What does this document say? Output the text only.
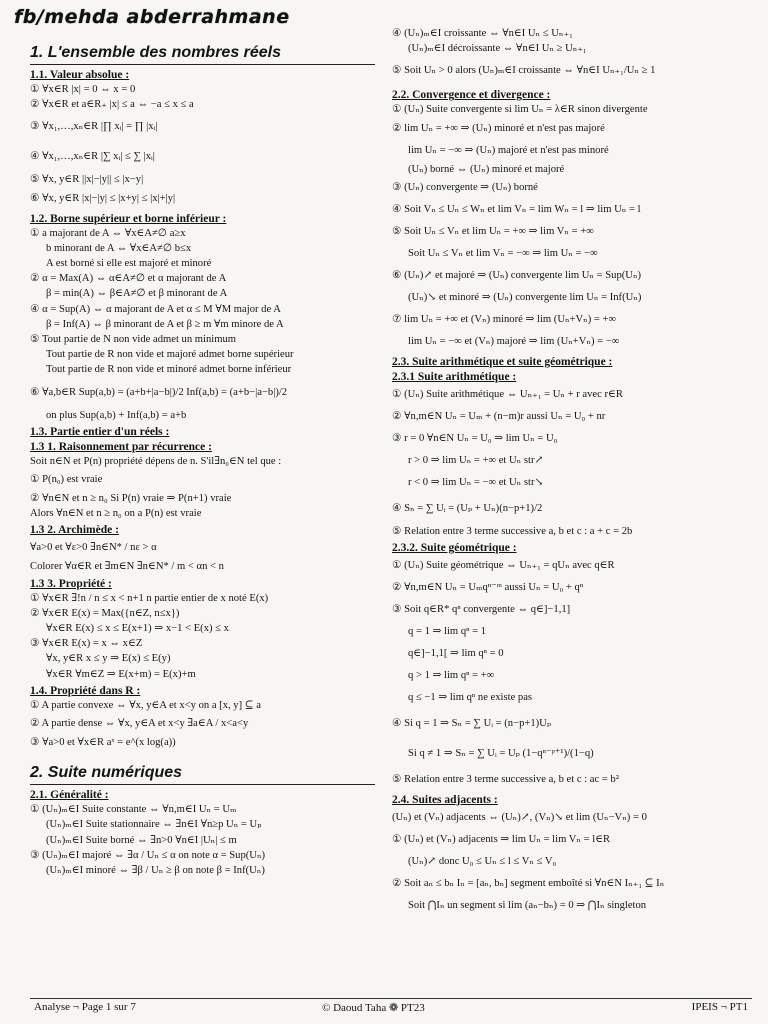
fb/mehda abderrahmane
1. L'ensemble des nombres réels
1.1. Valeur absolue :
① ∀x∈R |x| = 0 ⇔ x = 0
② ∀x∈R et a∈R₊ |x| ≤ a ⇔ −a ≤ x ≤ a
③ ∀x₁,…,xₙ∈R |∏ xᵢ| = ∏ |xᵢ|
④ ∀x₁,…,xₙ∈R |∑ xᵢ| ≤ ∑ |xᵢ|
⑤ ∀x, y∈R ||x|−|y|| ≤ |x−y|
⑥ ∀x, y∈R |x|−|y| ≤ |x+y| ≤ |x|+|y|
1.2. Borne supérieur et borne inférieur :
① a majorant de A ⇔ ∀x∈A≠∅ a≥x
b minorant de A ⇔ ∀x∈A≠∅ b≤x
A est borné si elle est majoré et minoré
② α = Max(A) ⇔ α∈A≠∅ et α majorant de A
β = min(A) ⇔ β∈A≠∅ et β minorant de A
④ α = Sup(A) ⇔ α majorant de A et α ≤ M ∀M major de A
β = Inf(A) ⇔ β minorant de A et β ≥ m ∀m minore de A
⑤ Tout partie de N non vide admet un minimum
Tout partie de R non vide et majoré admet borne supérieur
Tout partie de R non vide et minoré admet borne inférieur
⑥ ∀a,b∈R Sup(a,b) = (a+b+|a−b|)/2 Inf(a,b) = (a+b−|a−b|)/2
on plus Sup(a,b) + Inf(a,b) = a+b
1.3. Partie entier d'un réels :
1.3 1. Raisonnement par récurrence :
Soit n∈N et P(n) propriété dépens de n. S'il∃n₀∈N tel que :
① P(n₀) est vraie
② ∀n∈N et n ≥ n₀ Si P(n) vraie ⇒ P(n+1) vraie
Alors ∀n∈N et n ≥ n₀ on a P(n) est vraie
1.3 2. Archimède :
∀a>0 et ∀ε>0 ∃n∈N* / nε > α
Colorer ∀α∈R et ∃m∈N ∃n∈N* / m < αn < n
1.3 3. Propriété :
① ∀x∈R ∃!n / n ≤ x < n+1 n partie entier de x noté E(x)
② ∀x∈R E(x) = Max({n∈Z, n≤x})
∀x∈R E(x) ≤ x ≤ E(x+1) ⇒ x−1 < E(x) ≤ x
③ ∀x∈R E(x) = x ⇔ x∈Z
∀x, y∈R x ≤ y ⇒ E(x) ≤ E(y)
∀x∈R ∀m∈Z ⇒ E(x+m) = E(x)+m
1.4. Propriété dans R :
① A partie convexe ⇔ ∀x, y∈A et x<y on a [x, y] ⊆ a
② A partie dense ⇔ ∀x, y∈A et x<y ∃a∈A / x<a<y
③ ∀a>0 et ∀x∈R aˣ = e^(x log(a))
2. Suite numériques
2.1. Généralité :
① (Uₙ)ₘ∈I Suite constante ⇔ ∀n,m∈I Uₙ = Uₘ
(Uₙ)ₘ∈I Suite stationnaire ⇔ ∃n∈I ∀n≥p Uₙ = Uₚ
(Uₙ)ₘ∈I Suite borné ⇔ ∃n>0 ∀n∈I |Uₙ| ≤ m
③ (Uₙ)ₘ∈I majoré ⇔ ∃α / Uₙ ≤ α on note α = Sup(Uₙ)
(Uₙ)ₘ∈I minoré ⇔ ∃β / Uₙ ≥ β on note β = Inf(Uₙ)
④ (Uₙ)ₘ∈I croissante ⇔ ∀n∈I Uₙ ≤ Uₙ₊₁
(Uₙ)ₘ∈I décroissante ⇔ ∀n∈I Uₙ ≥ Uₙ₊₁
⑤ Soit Uₙ > 0 alors (Uₙ)ₘ∈I croissante ⇔ ∀n∈I Uₙ₊₁/Uₙ ≥ 1
2.2. Convergence et divergence :
① (Uₙ) Suite convergente si lim Uₙ = λ∈R sinon divergente
② lim Uₙ = +∞ ⇒ (Uₙ) minoré et n'est pas majoré
lim Uₙ = −∞ ⇒ (Uₙ) majoré et n'est pas minoré
(Uₙ) borné ⇔ (Uₙ) minoré et majoré
③ (Uₙ) convergente ⇒ (Uₙ) borné
④ Soit Vₙ ≤ Uₙ ≤ Wₙ et lim Vₙ = lim Wₙ = l ⇒ lim Uₙ = l
⑤ Soit Uₙ ≤ Vₙ et lim Uₙ = +∞ ⇒ lim Vₙ = +∞
Soit Uₙ ≤ Vₙ et lim Vₙ = −∞ ⇒ lim Uₙ = −∞
⑥ (Uₙ)↗ et majoré ⇒ (Uₙ) convergente lim Uₙ = Sup(Uₙ)
(Uₙ)↘ et minoré ⇒ (Uₙ) convergente lim Uₙ = Inf(Uₙ)
⑦ lim Uₙ = +∞ et (Vₙ) minoré ⇒ lim (Uₙ+Vₙ) = +∞
lim Uₙ = −∞ et (Vₙ) majoré ⇒ lim (Uₙ+Vₙ) = −∞
2.3. Suite arithmétique et suite géométrique :
2.3.1 Suite arithmétique :
① (Uₙ) Suite arithmétique ⇔ Uₙ₊₁ = Uₙ + r avec r∈R
② ∀n,m∈N Uₙ = Uₘ + (n−m)r aussi Uₙ = U₀ + nr
③ r = 0 ∀n∈N Uₙ = U₀ ⇒ lim Uₙ = U₀
r > 0 ⇒ lim Uₙ = +∞ et Uₙ str↗
r < 0 ⇒ lim Uₙ = −∞ et Uₙ str↘
④ Sₙ = ∑ Uᵢ = (Uₚ + Uₙ)(n−p+1)/2
⑤ Relation entre 3 terme successive a, b et c : a + c = 2b
2.3.2. Suite géométrique :
① (Uₙ) Suite géométrique ⇔ Uₙ₊₁ = qUₙ avec q∈R
② ∀n,m∈N Uₙ = Uₘqⁿ⁻ᵐ aussi Uₙ = U₀ + qⁿ
③ Soit q∈R* qⁿ convergente ⇔ q∈]−1,1]
q = 1 ⇒ lim qⁿ = 1
q∈]−1,1[ ⇒ lim qⁿ = 0
q > 1 ⇒ lim qⁿ = +∞
q ≤ −1 ⇒ lim qⁿ ne existe pas
④ Si q = 1 ⇒ Sₙ = ∑ Uᵢ = (n−p+1)Uₚ
Si q ≠ 1 ⇒ Sₙ = ∑ Uᵢ = Uₚ (1−qⁿ⁻ᵖ⁺¹)/(1−q)
⑤ Relation entre 3 terme successive a, b et c : ac = b²
2.4. Suites adjacents :
(Uₙ) et (Vₙ) adjacents ⇔ (Uₙ)↗, (Vₙ)↘ et lim (Uₙ−Vₙ) = 0
① (Uₙ) et (Vₙ) adjacents ⇒ lim Uₙ = lim Vₙ = l∈R
(Uₙ)↗ donc U₀ ≤ Uₙ ≤ l ≤ Vₙ ≤ V₀
② Soit aₙ ≤ bₙ Iₙ = [aₙ, bₙ] segment emboîté si ∀n∈N Iₙ₊₁ ⊆ Iₙ
Soit ⋂Iₙ un segment si lim (aₙ−bₙ) = 0 ⇒ ⋂Iₙ singleton
Analyse ¬ Page 1 sur 7	© Daoud Taha ❁ PT23	IPEIS ¬ PT1
